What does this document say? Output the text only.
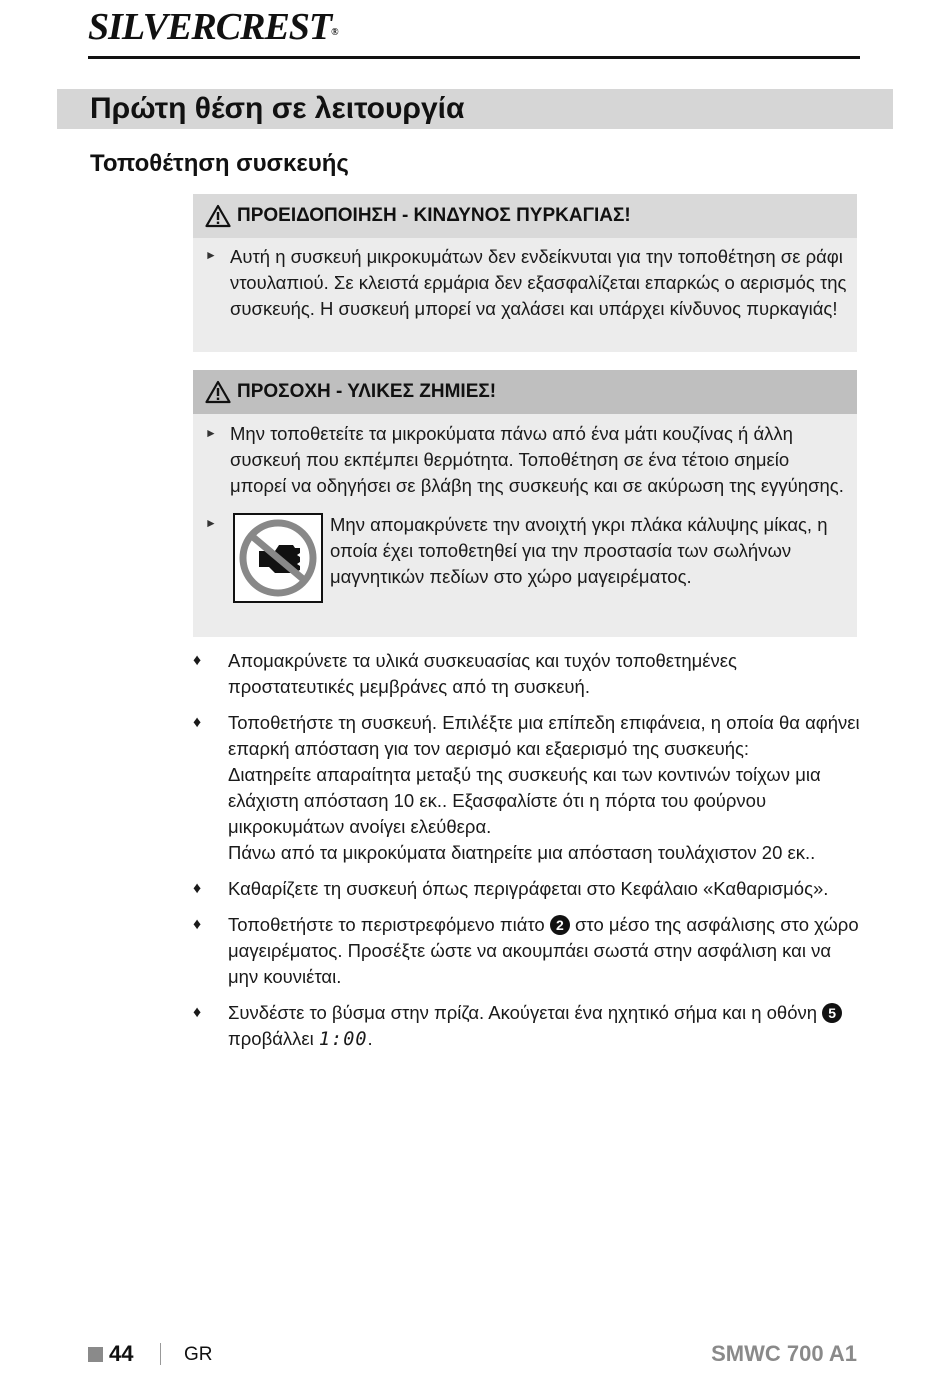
SILVERCREST®
Πρώτη θέση σε λειτουργία
Τοποθέτηση συσκευής
ΠΡΟΕΙΔΟΠΟΙΗΣΗ - ΚΙΝΔΥΝΟΣ ΠΥΡΚΑΓΙΑΣ!
► Αυτή η συσκευή μικροκυμάτων δεν ενδείκνυται για την τοποθέτηση σε ράφι ντουλαπιού. Σε κλειστά ερμάρια δεν εξασφαλίζεται επαρκώς ο αερισμός της συσκευής. Η συσκευή μπορεί να χαλάσει και υπάρχει κίνδυνος πυρκαγιάς!
ΠΡΟΣΟΧΗ - ΥΛΙΚΕΣ ΖΗΜΙΕΣ!
► Μην τοποθετείτε τα μικροκύματα πάνω από ένα μάτι κουζίνας ή άλλη συσκευή που εκπέμπει θερμότητα. Τοποθέτηση σε ένα τέτοιο σημείο μπορεί να οδηγήσει σε βλάβη της συσκευής και σε ακύρωση της εγγύησης.
►	Μην απομακρύνετε την ανοιχτή γκρι πλάκα κάλυψης μίκας, η οποία έχει τοποθετηθεί για την προστασία των σωλήνων μαγνητικών πεδίων στο χώρο μαγειρέματος.
♦ Απομακρύνετε τα υλικά συσκευασίας και τυχόν τοποθετημένες προστατευτικές μεμβράνες από τη συσκευή.
♦ Τοποθετήστε τη συσκευή. Επιλέξτε μια επίπεδη επιφάνεια, η οποία θα αφήνει επαρκή απόσταση για τον αερισμό και εξαερισμό της συσκευής:
Διατηρείτε απαραίτητα μεταξύ της συσκευής και των κοντινών τοίχων μια ελάχιστη απόσταση 10 εκ.. Εξασφαλίστε ότι η πόρτα του φούρνου μικροκυμάτων ανοίγει ελεύθερα.
Πάνω από τα μικροκύματα διατηρείτε μια απόσταση τουλάχιστον 20 εκ..
♦ Καθαρίζετε τη συσκευή όπως περιγράφεται στο Κεφάλαιο «Καθαρισμός».
♦ Τοποθετήστε το περιστρεφόμενο πιάτο 2 στο μέσο της ασφάλισης στο χώρο μαγειρέματος. Προσέξτε ώστε να ακουμπάει σωστά στην ασφάλιση και να μην κουνιέται.
♦ Συνδέστε το βύσμα στην πρίζα. Ακούγεται ένα ηχητικό σήμα και η οθόνη 5 προβάλλει 1:00.
44	GR	SMWC 700 A1
